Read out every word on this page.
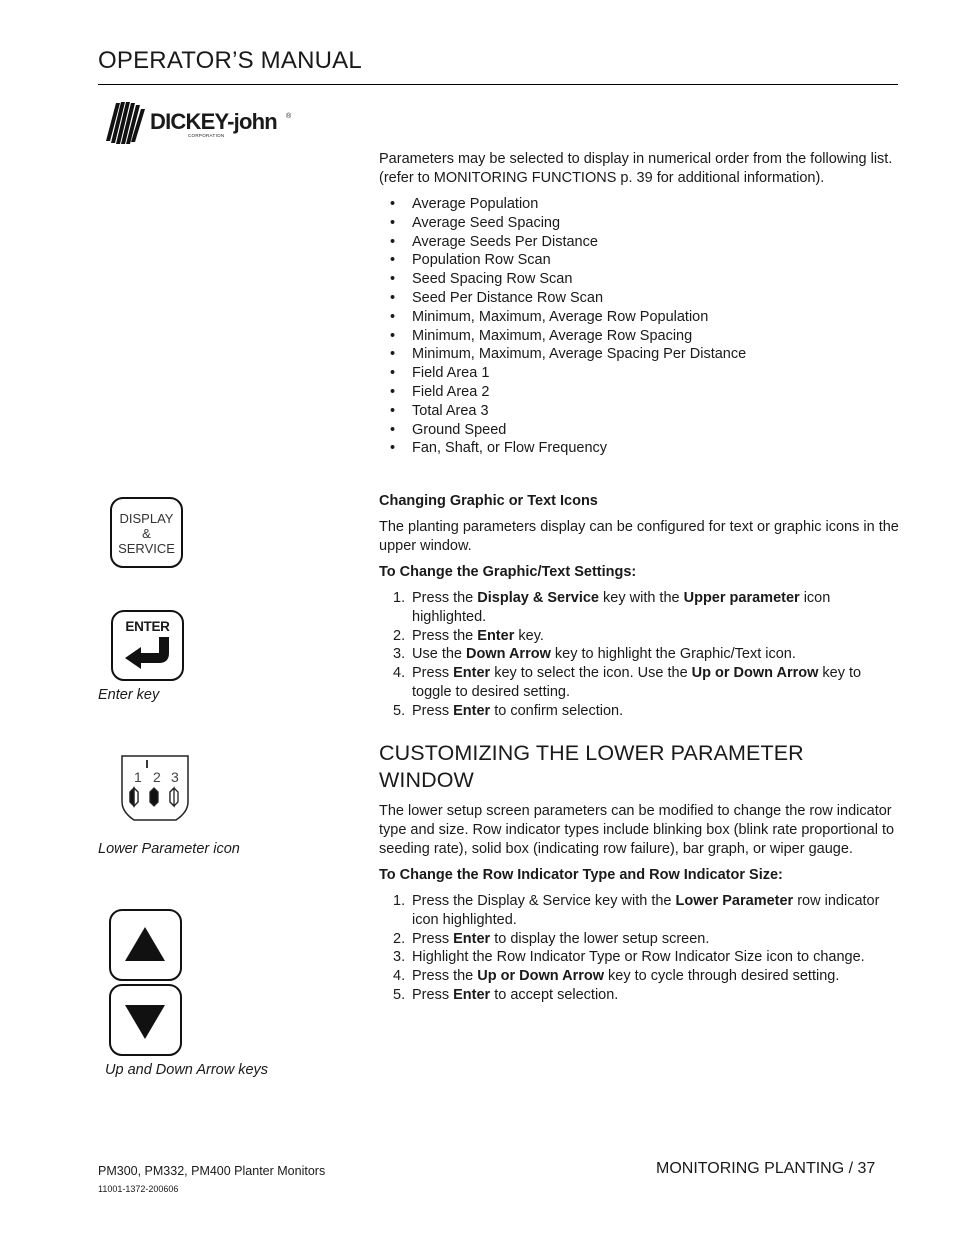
OPERATOR’S MANUAL
DICKEY-john ®
CORPORATION

Parameters may be selected to display in numerical order from the following list. (refer to MONITORING FUNCTIONS p. 39 for additional information).

• Average Population
• Average Seed Spacing
• Average Seeds Per Distance
• Population Row Scan
• Seed Spacing Row Scan
• Seed Per Distance Row Scan
• Minimum, Maximum, Average Row Population
• Minimum, Maximum, Average Row Spacing
• Minimum, Maximum, Average Spacing Per Distance
• Field Area 1
• Field Area 2
• Total Area 3
• Ground Speed
• Fan, Shaft, or Flow Frequency

Changing Graphic or Text Icons

The planting parameters display can be configured for text or graphic icons in the upper window.

To Change the Graphic/Text Settings:

1. Press the Display & Service key with the Upper parameter icon highlighted.
2. Press the Enter key.
3. Use the Down Arrow key to highlight the Graphic/Text icon.
4. Press Enter key to select the icon. Use the Up or Down Arrow key to toggle to desired setting.
5. Press Enter to confirm selection.
CUSTOMIZING THE LOWER PARAMETER WINDOW

The lower setup screen parameters can be modified to change the row indicator type and size. Row indicator types include blinking box (blink rate proportional to seeding rate), solid box (indicating row failure), bar graph, or wiper gauge.

To Change the Row Indicator Type and Row Indicator Size:

1. Press the Display & Service key with the Lower Parameter row indicator icon highlighted.
2. Press Enter to display the lower setup screen.
3. Highlight the Row Indicator Type or Row Indicator Size icon to change.
4. Press the Up or Down Arrow key to cycle through desired setting.
5. Press Enter to accept selection.
DISPLAY
&
SERVICE
ENTER
Enter key
1 2 3
Lower Parameter icon
Up and Down Arrow keys
PM300, PM332, PM400 Planter Monitors
11001-1372-200606
MONITORING PLANTING / 37
